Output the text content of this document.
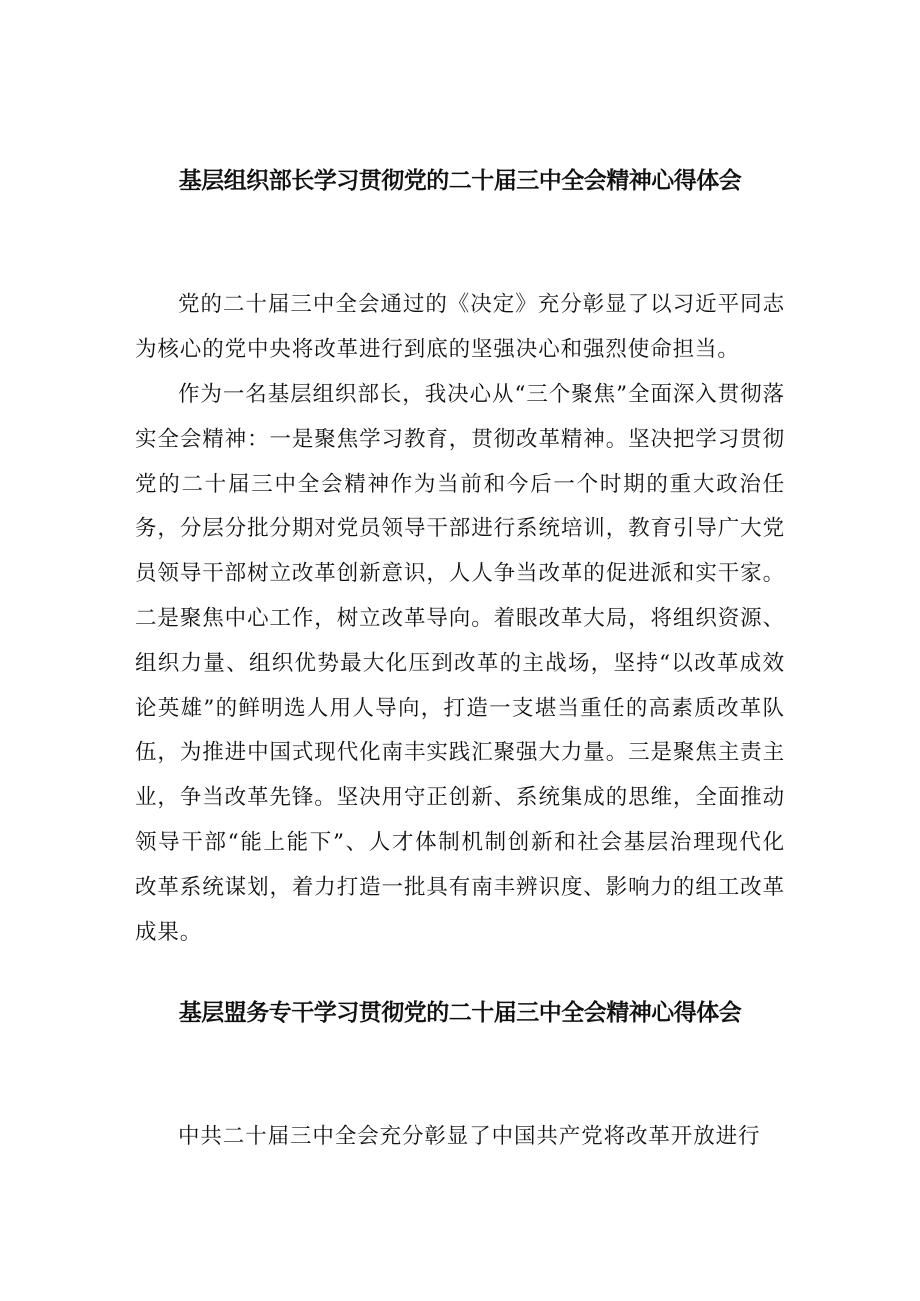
基层组织部长学习贯彻党的二十届三中全会精神心得体会

党的二十届三中全会通过的《决定》充分彰显了以习近平同志为核心的党中央将改革进行到底的坚强决心和强烈使命担当。

作为一名基层组织部长，我决心从“三个聚焦”全面深入贯彻落实全会精神：一是聚焦学习教育，贯彻改革精神。坚决把学习贯彻党的二十届三中全会精神作为当前和今后一个时期的重大政治任务，分层分批分期对党员领导干部进行系统培训，教育引导广大党员领导干部树立改革创新意识，人人争当改革的促进派和实干家。二是聚焦中心工作，树立改革导向。着眼改革大局，将组织资源、组织力量、组织优势最大化压到改革的主战场，坚持“以改革成效论英雄”的鲜明选人用人导向，打造一支堪当重任的高素质改革队伍，为推进中国式现代化南丰实践汇聚强大力量。三是聚焦主责主业，争当改革先锋。坚决用守正创新、系统集成的思维，全面推动领导干部“能上能下”、人才体制机制创新和社会基层治理现代化改革系统谋划，着力打造一批具有南丰辨识度、影响力的组工改革成果。

基层盟务专干学习贯彻党的二十届三中全会精神心得体会

中共二十届三中全会充分彰显了中国共产党将改革开放进行
